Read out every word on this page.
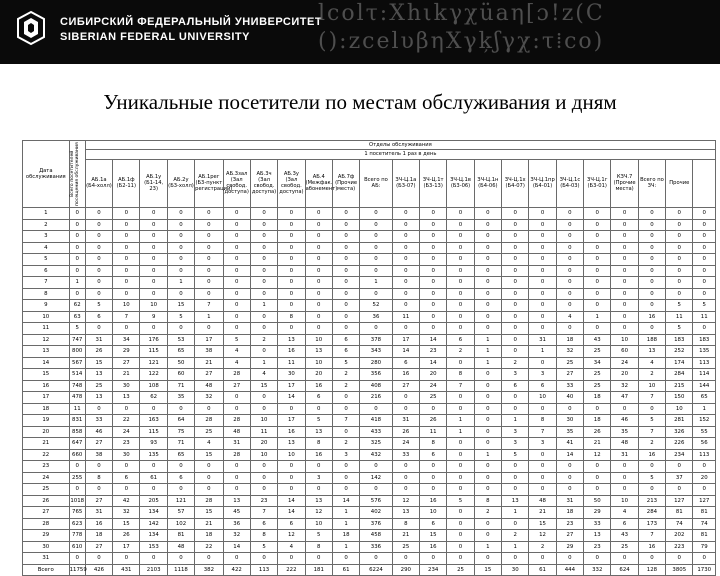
СИБИРСКИЙ ФЕДЕРАЛЬНЫЙ УНИВЕРСИТЕТ
SIBERIAN FEDERAL UNIVERSITY
lcolτ:Χhιkγχüaη[ɔ!z(C
():zcelυβηΧγķʃγχ:τ⁞co)
Уникальные посетители по местам обслуживания и дням
Дата обслуживания	Всего посетителей посещения обслуживания	Отделы обслуживания																						
		1 посетитель 1 раз в день																						
		АБ.1а (Б4-холл)	АБ.1ф (Б2-11)	АБ.1у (Б1-14, 23)	АБ.2у (Б3-холл)	АБ.1рег (Б3-пункт регистрации)	АБ.3зал (Зал свобод. доступа)	АБ.3ч (Зал свобод. доступа)	АБ.3у (Зал свобод. доступа)	АБ.4 (Межфак. абонемент)	АБ.7ф (Прочие места)	Всего по АБ:	ЗЧ-Ц.1а (Б3-07)	ЗЧ-Ц.1т (Б3-13)	ЗЧ-Ц.1в (Б3-06)	ЗЧ-Ц.1н (Б4-06)	ЗЧ-Ц.1х (Б4-07)	ЗЧ-Ц.1пр (Б4-01)	ЗЧ-Ц.1с (Б4-03)	ЗЧ-Ц.1г (Б3-01)	КЗЧ.7 (Прочие места)	Всего по ЗЧ:	Прочие	
1	0	0	0	0	0	0	0	0	0	0	0	0	0	0	0	0	0	0	0	0	0	0	0	0
2	0	0	0	0	0	0	0	0	0	0	0	0	0	0	0	0	0	0	0	0	0	0	0	0
3	0	0	0	0	0	0	0	0	0	0	0	0	0	0	0	0	0	0	0	0	0	0	0	0
4	0	0	0	0	0	0	0	0	0	0	0	0	0	0	0	0	0	0	0	0	0	0	0	0
5	0	0	0	0	0	0	0	0	0	0	0	0	0	0	0	0	0	0	0	0	0	0	0	0
6	0	0	0	0	0	0	0	0	0	0	0	0	0	0	0	0	0	0	0	0	0	0	0	0
7	1	0	0	0	1	0	0	0	0	0	0	1	0	0	0	0	0	0	0	0	0	0	0	0
8	0	0	0	0	0	0	0	0	0	0	0	0	0	0	0	0	0	0	0	0	0	0	0	0
9	62	5	10	10	15	7	0	1	0	0	0	52	0	0	0	0	0	0	0	0	0	0	5	5
10	63	6	7	9	5	1	0	0	8	0	0	36	11	0	0	0	0	0	4	1	0	16	11	11
11	5	0	0	0	0	0	0	0	0	0	0	0	0	0	0	0	0	0	0	0	0	0	5	0
12	747	31	34	176	53	17	5	2	13	10	6	378	17	14	6	1	0	31	18	43	10	188	183	183
13	800	26	29	115	65	38	4	0	16	13	6	343	14	23	2	1	0	1	32	25	60	13	252	135
14	567	15	27	121	50	21	4	1	11	10	5	280	6	14	0	1	2	0	25	34	24	4	174	113
15	514	13	21	122	60	27	28	4	30	20	2	356	16	20	8	0	3	3	27	25	20	2	284	114
16	748	25	30	108	71	48	27	15	17	16	2	408	27	24	7	0	6	6	33	25	32	10	215	144
17	478	13	13	62	35	32	0	0	14	6	0	216	0	25	0	0	0	10	40	18	47	7	150	65
18	11	0	0	0	0	0	0	0	0	0	0	0	0	0	0	0	0	0	0	0	0	0	10	1
19	831	33	22	163	64	28	28	10	17	5	7	418	31	26	1	0	1	8	30	18	46	5	281	152
20	858	46	24	115	75	25	48	11	16	13	0	433	26	11	1	0	3	7	35	26	35	7	326	55
21	647	27	23	93	71	4	31	20	13	8	2	325	24	8	0	0	3	3	41	21	48	2	226	56
22	660	38	30	135	65	15	28	10	10	16	3	432	33	6	0	1	5	0	14	12	31	16	234	113
23	0	0	0	0	0	0	0	0	0	0	0	0	0	0	0	0	0	0	0	0	0	0	0	0
24	255	8	6	61	6	0	0	0	0	3	0	142	0	0	0	0	0	0	0	0	0	5	37	20
25	0	0	0	0	0	0	0	0	0	0	0	0	0	0	0	0	0	0	0	0	0	0	0	0
26	1018	27	42	205	121	28	13	23	14	13	14	576	12	16	5	8	13	48	31	50	10	213	127	127
27	765	31	32	134	57	15	45	7	14	12	1	402	13	10	0	2	1	21	18	29	4	284	81	81
28	623	16	15	142	102	21	36	6	6	10	1	376	8	6	0	0	0	15	23	33	6	173	74	74
29	778	18	26	134	81	18	32	8	12	5	18	458	21	15	0	0	2	12	27	13	43	7	202	81
30	610	27	17	153	48	22	14	5	4	8	1	336	25	16	0	1	1	2	29	23	25	16	223	79
31	0	0	0	0	0	0	0	0	0	0	0	0	0	0	0	0	0	0	0	0	0	0	0	0
Всего	11759	426	431	2103	1118	382	422	113	222	181	61	6224	290	234	25	15	30	61	444	332	624	128	3805	1730
